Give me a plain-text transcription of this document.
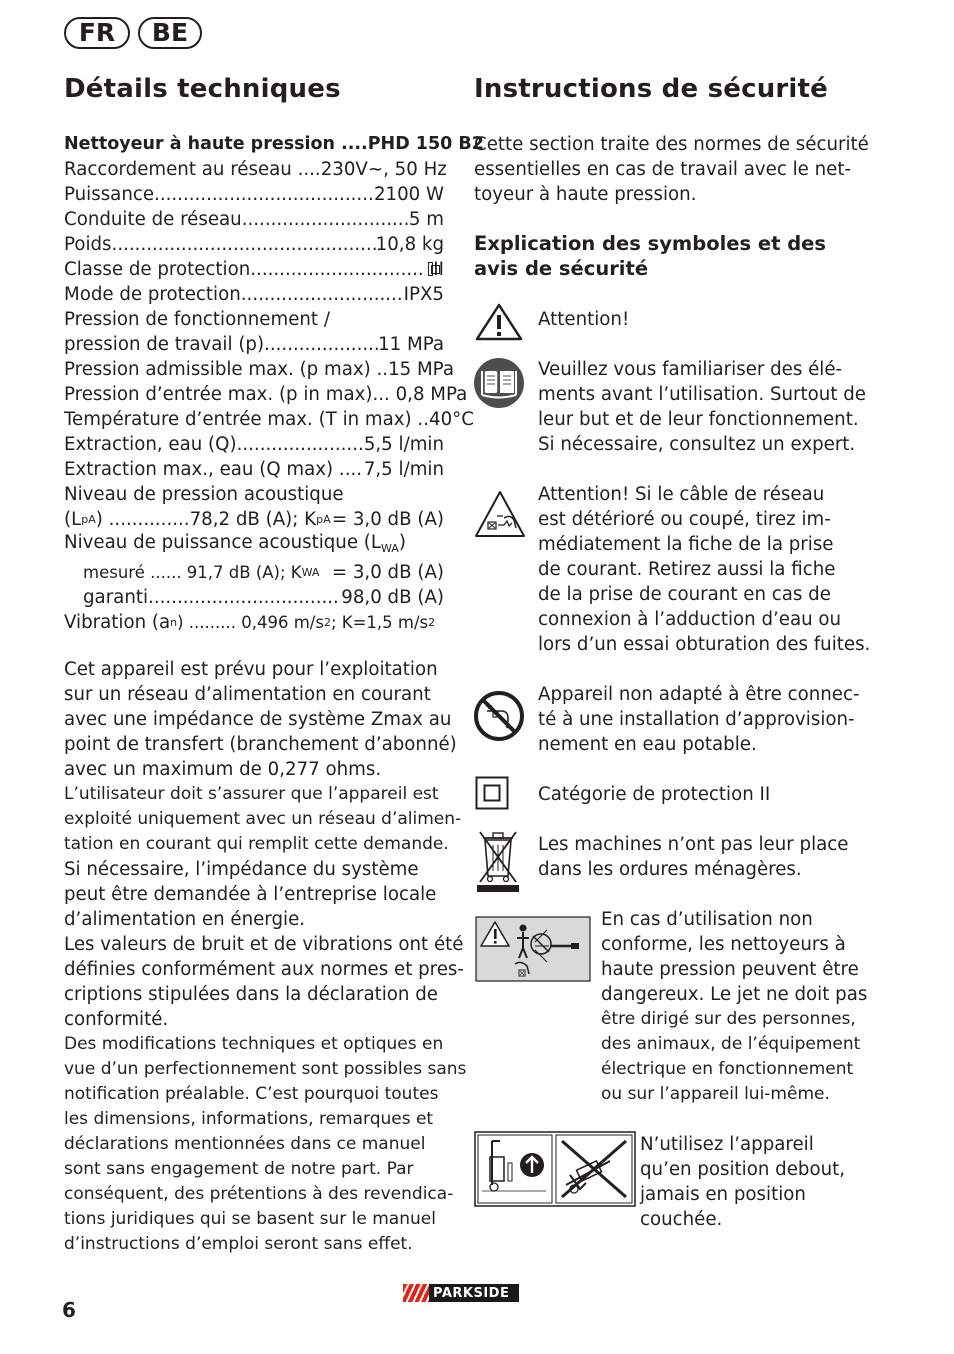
FR	BE
Détails techniques	Instructions de sécurité
Nettoyeur à haute pression .... PHD 150 B2
Raccordement au réseau .... 230V~, 50 Hz
Puissance .....	2100 W
Conduite de réseau .....	5 m
Poids .....	10,8 kg
Classe de protection .....	II
Mode de protection .....	IPX5
Pression de fonctionnement /
pression de travail (p) .....	11 MPa
Pression admissible max. (p max) .. 15 MPa
Pression d’entrée max. (p in max) ... 0,8 MPa
Température d’entrée max. (T in max) .. 40°C
Extraction, eau (Q) .....	5,5 l/min
Extraction max., eau (Q max) .... 7,5 l/min
Niveau de pression acoustique
(L pA ) ..............78,2 dB (A); K pA = 3,0 dB (A)
Niveau de puissance acoustique $(L_{WA})$
mesuré ...... 91,7 dB (A); K WA = 3,0 dB (A)
garanti .....	98,0 dB (A)
Vibration (a n ) ......... 0,496 m/s 2 ; K=1,5 m/s 2
Cet appareil est prévu pour l’exploitation
sur un réseau d’alimentation en courant
avec une impédance de système Zmax au
point de transfert (branchement d’abonné)
avec un maximum de 0,277 ohms.
L’utilisateur doit s’assurer que l’appareil est
exploité uniquement avec un réseau d’alimen-
tation en courant qui remplit cette demande.
Si nécessaire, l’impédance du système
peut être demandée à l’entreprise locale
d’alimentation en énergie.
Les valeurs de bruit et de vibrations ont été
définies conformément aux normes et pres-
criptions stipulées dans la déclaration de
conformité.
Des modifications techniques et optiques en
vue d’un perfectionnement sont possibles sans
notification préalable. C’est pourquoi toutes
les dimensions, informations, remarques et
déclarations mentionnées dans ce manuel
sont sans engagement de notre part. Par
conséquent, des prétentions à des revendica-
tions juridiques qui se basent sur le manuel
d’instructions d’emploi seront sans effet.
Cette section traite des normes de sécurité
essentielles en cas de travail avec le net-
toyeur à haute pression.
Explication des symboles et des avis de sécurité
Attention!
Veuillez vous familiariser des élé-
ments avant l’utilisation. Surtout de
leur but et de leur fonctionnement.
Si nécessaire, consultez un expert.
Attention! Si le câble de réseau
est détérioré ou coupé, tirez im-
médiatement la fiche de la prise
de courant. Retirez aussi la fiche
de la prise de courant en cas de
connexion à l’adduction d’eau ou
lors d’un essai obturation des fuites.
Appareil non adapté à être connec-
té à une installation d’approvision-
nement en eau potable.
Catégorie de protection II
Les machines n’ont pas leur place
dans les ordures ménagères.
En cas d’utilisation non
conforme, les nettoyeurs à
haute pression peuvent être
dangereux. Le jet ne doit pas
être dirigé sur des personnes,
des animaux, de l’équipement
électrique en fonctionnement
ou sur l’appareil lui-même.
N’utilisez l’appareil
qu’en position debout,
jamais en position
couchée.
6
PARKSIDE
